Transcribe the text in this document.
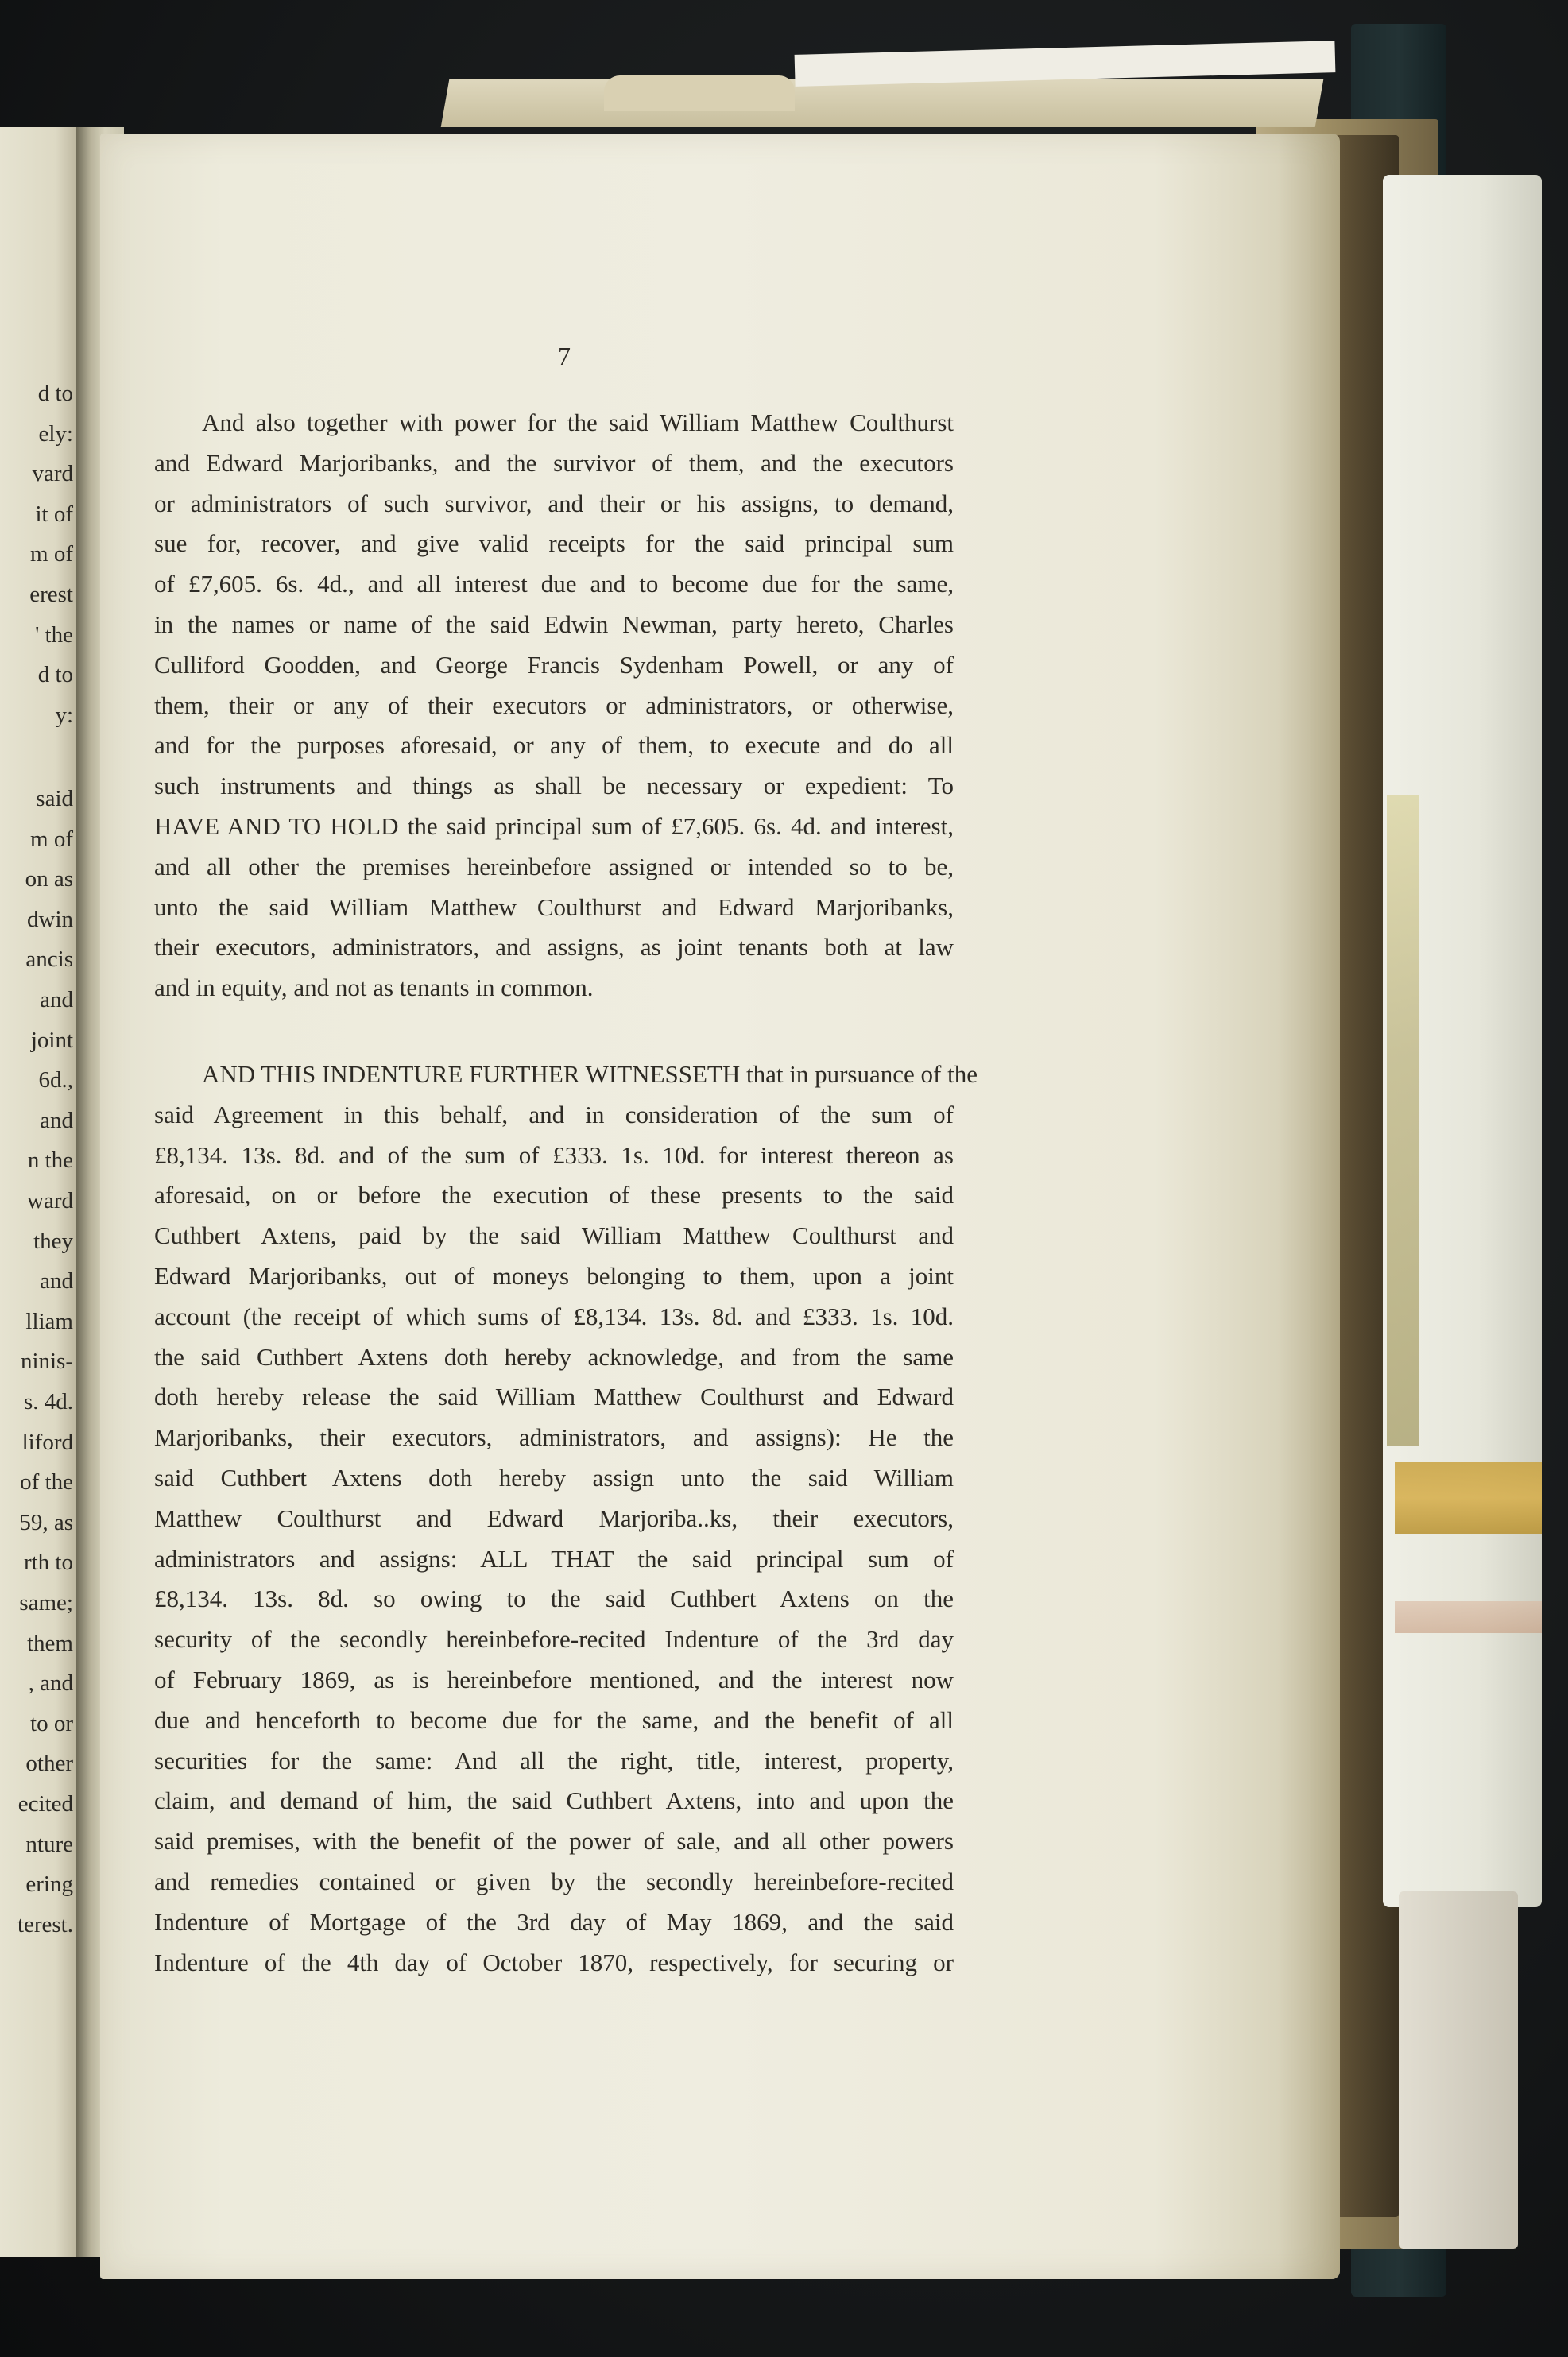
d to
ely:
vard
it of
m of
erest
' the
d to
y:
said
m of
on as
dwin
ancis
and
joint
6d.,
and
n the
ward
they
and
lliam
ninis-
s. 4d.
liford
of the
59, as
rth to
same;
them
, and
to or
other
ecited
nture
ering
terest.
7
And also together with power for the said William Matthew Coulthurst
and Edward Marjoribanks, and the survivor of them, and the executors
or administrators of such survivor, and their or his assigns, to demand,
sue for, recover, and give valid receipts for the said principal sum
of £7,605. 6s. 4d., and all interest due and to become due for the same,
in the names or name of the said Edwin Newman, party hereto, Charles
Culliford Goodden, and George Francis Sydenham Powell, or any of
them, their or any of their executors or administrators, or otherwise,
and for the purposes aforesaid, or any of them, to execute and do all
such instruments and things as shall be necessary or expedient: To
HAVE AND TO HOLD the said principal sum of £7,605. 6s. 4d. and interest,
and all other the premises hereinbefore assigned or intended so to be,
unto the said William Matthew Coulthurst and Edward Marjoribanks,
their executors, administrators, and assigns, as joint tenants both at law
and in equity, and not as tenants in common.
AND THIS INDENTURE FURTHER WITNESSETH that in pursuance of the
said Agreement in this behalf, and in consideration of the sum of
£8,134. 13s. 8d. and of the sum of £333. 1s. 10d. for interest thereon as
aforesaid, on or before the execution of these presents to the said
Cuthbert Axtens, paid by the said William Matthew Coulthurst and
Edward Marjoribanks, out of moneys belonging to them, upon a joint
account (the receipt of which sums of £8,134. 13s. 8d. and £333. 1s. 10d.
the said Cuthbert Axtens doth hereby acknowledge, and from the same
doth hereby release the said William Matthew Coulthurst and Edward
Marjoribanks, their executors, administrators, and assigns): He the
said Cuthbert Axtens doth hereby assign unto the said William
Matthew Coulthurst and Edward Marjoriba..ks, their executors,
administrators and assigns: ALL THAT the said principal sum of
£8,134. 13s. 8d. so owing to the said Cuthbert Axtens on the
security of the secondly hereinbefore-recited Indenture of the 3rd day
of February 1869, as is hereinbefore mentioned, and the interest now
due and henceforth to become due for the same, and the benefit of all
securities for the same: And all the right, title, interest, property,
claim, and demand of him, the said Cuthbert Axtens, into and upon the
said premises, with the benefit of the power of sale, and all other powers
and remedies contained or given by the secondly hereinbefore-recited
Indenture of Mortgage of the 3rd day of May 1869, and the said
Indenture of the 4th day of October 1870, respectively, for securing or
